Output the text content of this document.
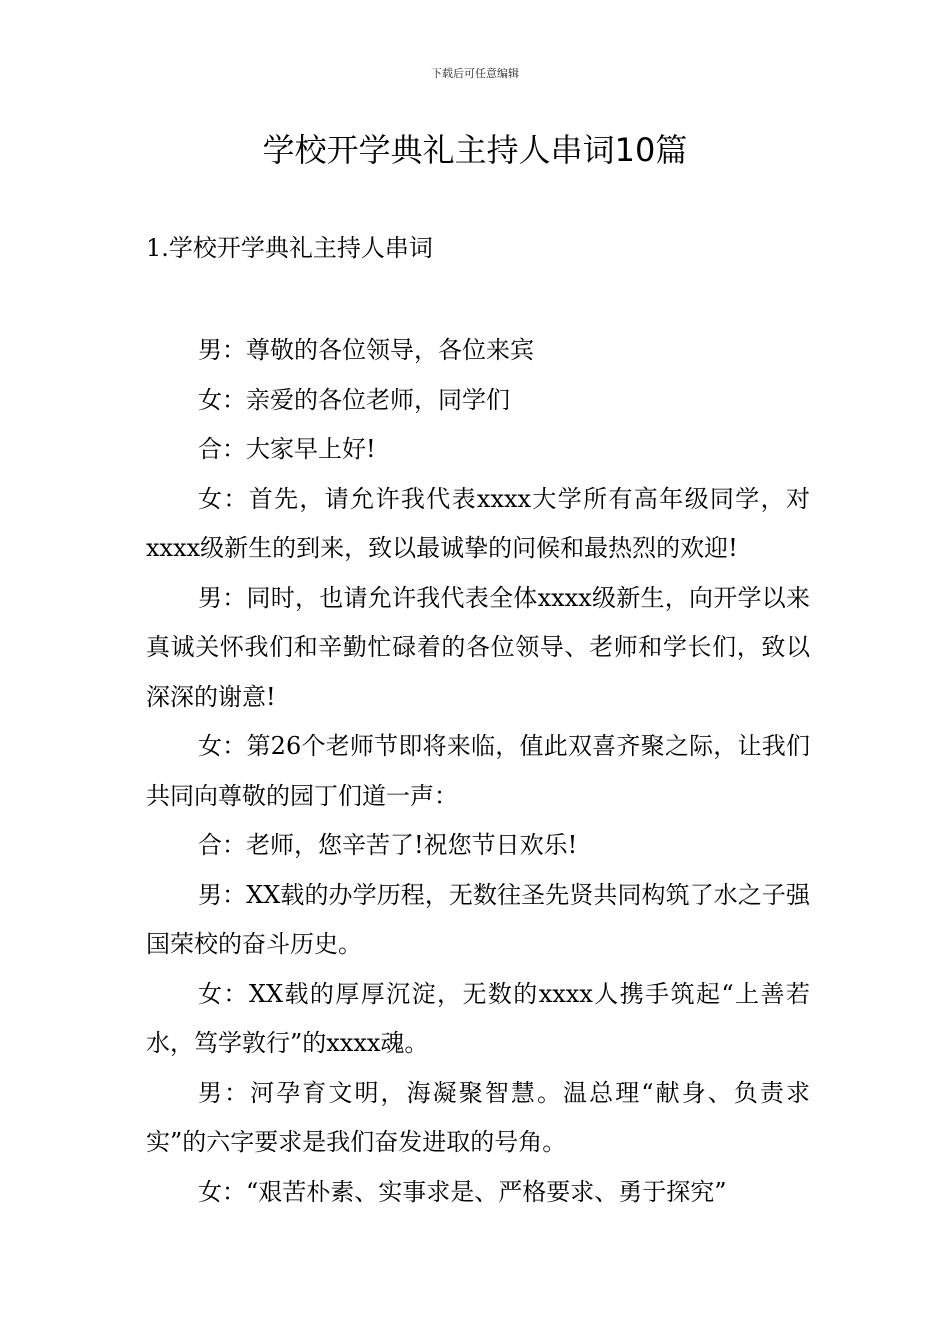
下载后可任意编辑
学校开学典礼主持人串词10篇
1.学校开学典礼主持人串词

男：尊敬的各位领导，各位来宾

女：亲爱的各位老师，同学们

合：大家早上好!

女：首先，请允许我代表xxxx大学所有高年级同学，对xxxx级新生的到来，致以最诚挚的问候和最热烈的欢迎!

男：同时，也请允许我代表全体xxxx级新生，向开学以来真诚关怀我们和辛勤忙碌着的各位领导、老师和学长们，致以深深的谢意!

女：第26个老师节即将来临，值此双喜齐聚之际，让我们共同向尊敬的园丁们道一声：

合：老师，您辛苦了!祝您节日欢乐!

男：XX载的办学历程，无数往圣先贤共同构筑了水之子强国荣校的奋斗历史。

女：XX载的厚厚沉淀，无数的xxxx人携手筑起“上善若水，笃学敦行”的xxxx魂。

男：河孕育文明，海凝聚智慧。温总理“献身、负责求实”的六字要求是我们奋发进取的号角。

女：“艰苦朴素、实事求是、严格要求、勇于探究”
